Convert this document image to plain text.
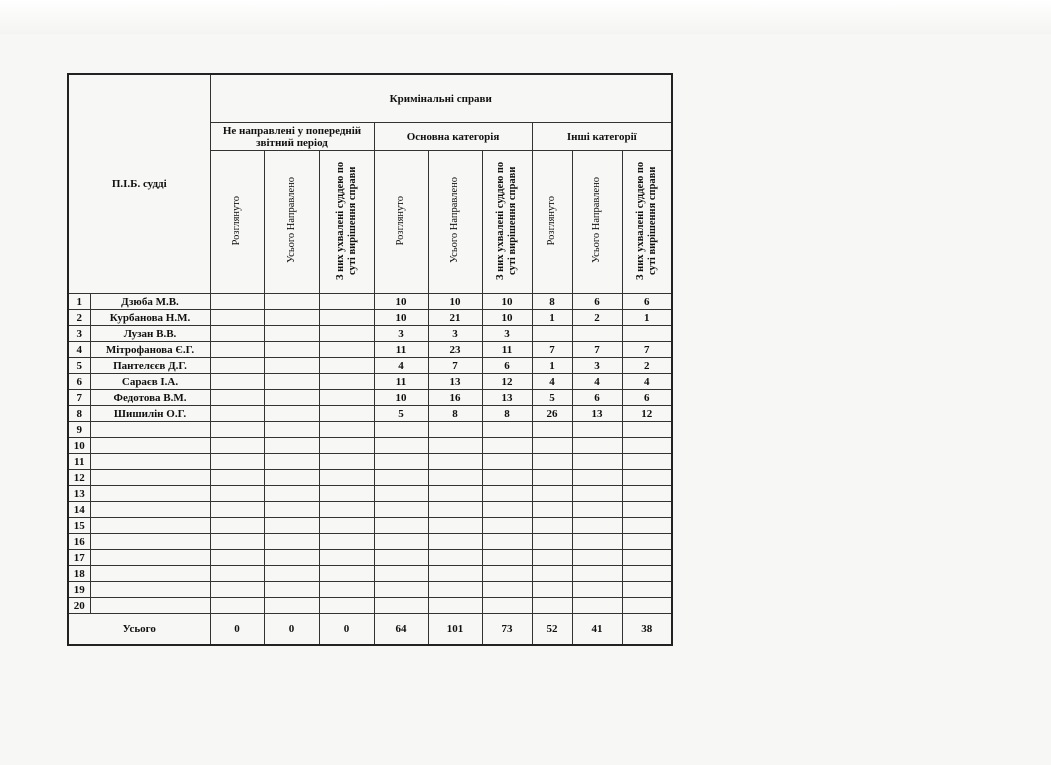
П.І.Б. судді		Кримінальні справи								
		Не направлені у попередній звітний період			Основна категорія			Інші категорії		
		Розглянуто	Усього Направлено	З них ухвалені суддею по суті вирішення справи	Розглянуто	Усього Направлено	З них ухвалені суддею по суті вирішення справи	Розглянуто	Усього Направлено	З них ухвалені суддею по суті вирішення справи
1	Дзюба М.В.				10	10	10	8	6	6
2	Курбанова Н.М.				10	21	10	1	2	1
3	Лузан В.В.				3	3	3			
4	Мітрофанова Є.Г.				11	23	11	7	7	7
5	Пантелєєв Д.Г.				4	7	6	1	3	2
6	Сараєв І.А.				11	13	12	4	4	4
7	Федотова В.М.				10	16	13	5	6	6
8	Шишилін О.Г.				5	8	8	26	13	12
9										
10										
11										
12										
13										
14										
15										
16										
17										
18										
19										
20										
Усього		0	0	0	64	101	73	52	41	38
